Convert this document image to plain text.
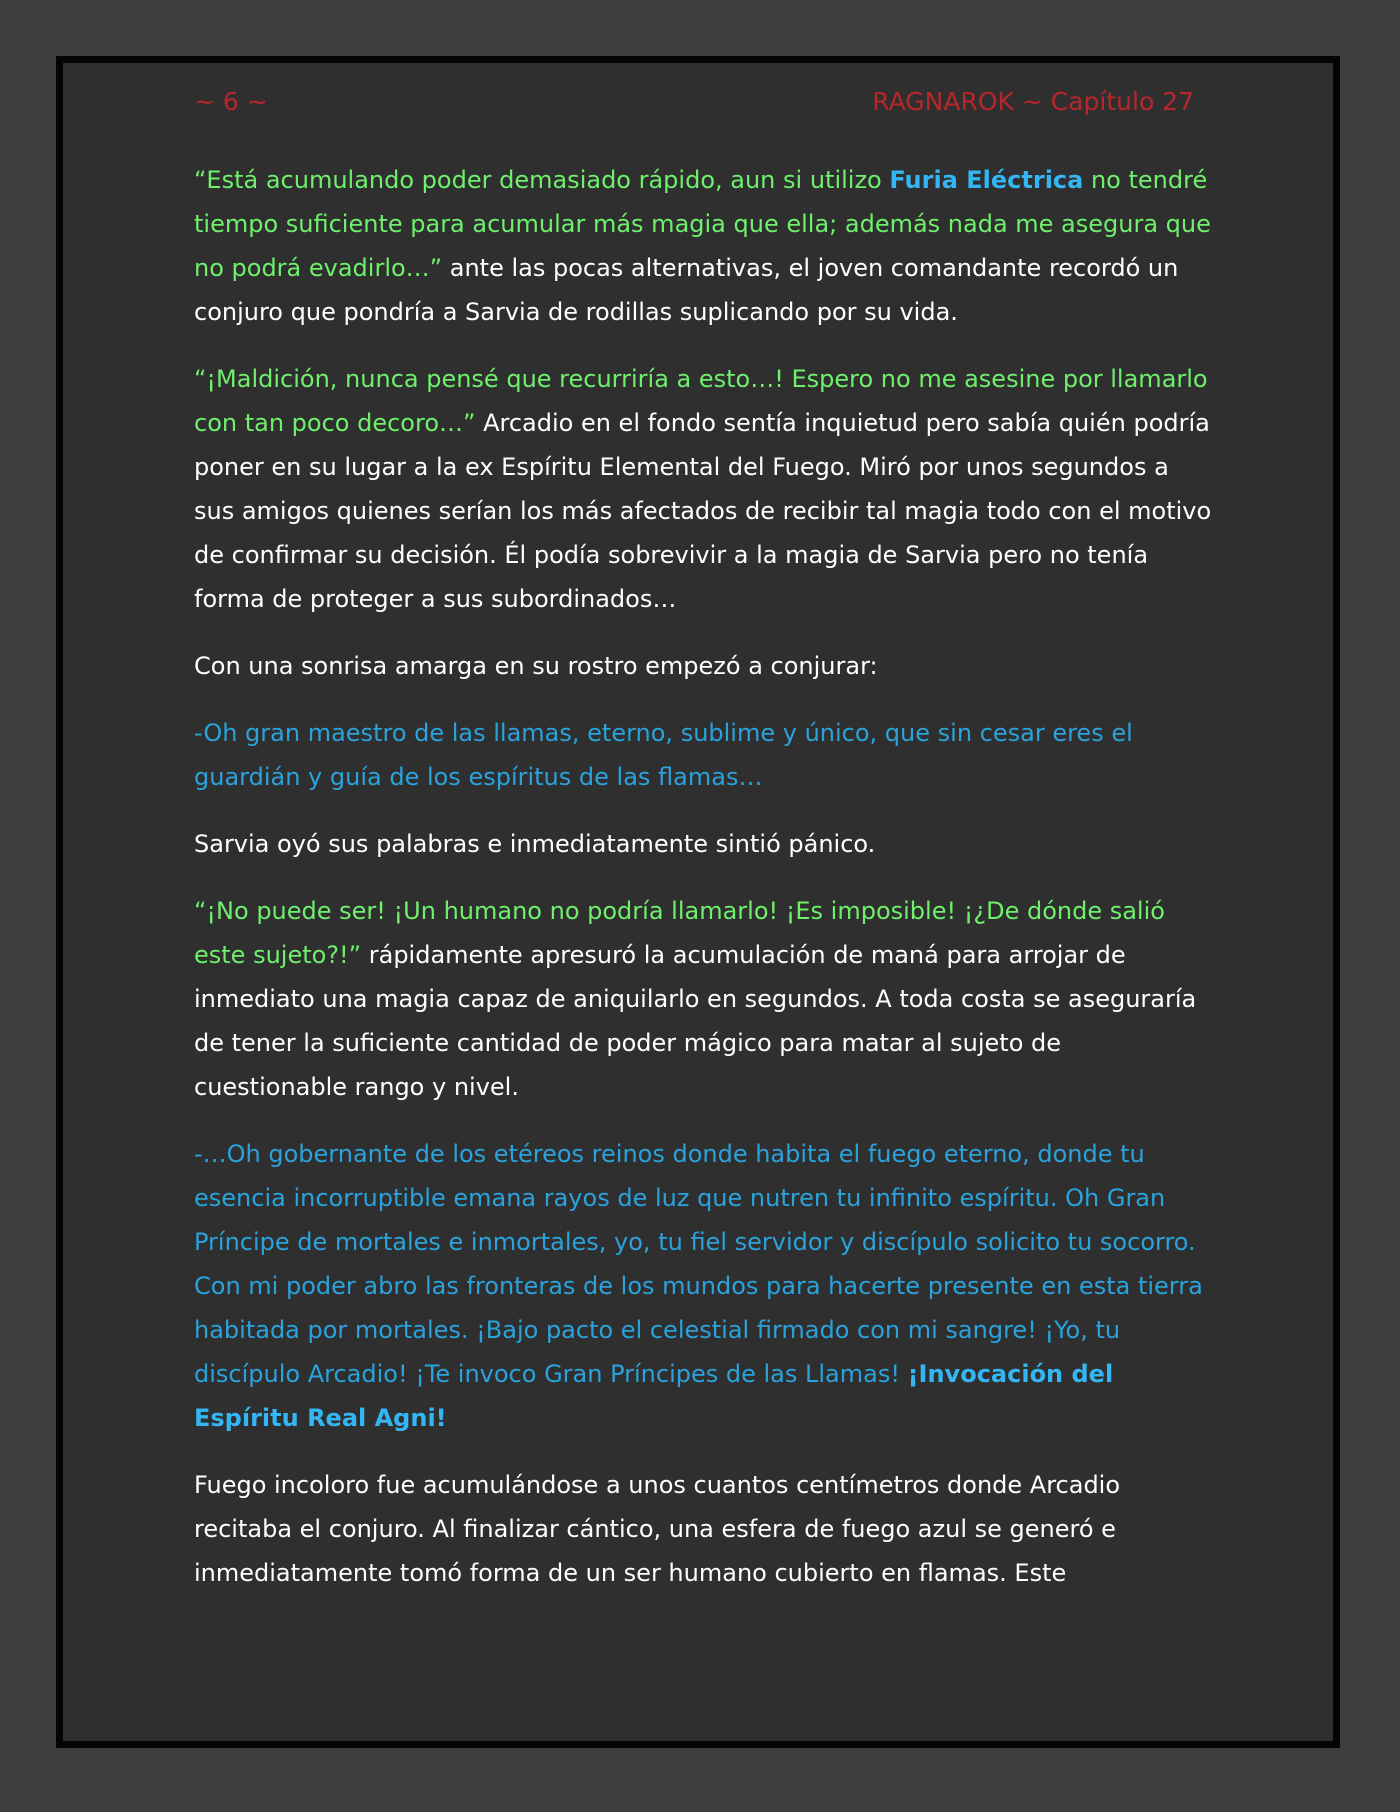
~ 6 ~	RAGNAROK ~ Capítulo 27

“Está acumulando poder demasiado rápido, aun si utilizo Furia Eléctrica no tendré tiempo suficiente para acumular más magia que ella; además nada me asegura que no podrá evadirlo…” ante las pocas alternativas, el joven comandante recordó un conjuro que pondría a Sarvia de rodillas suplicando por su vida.

“¡Maldición, nunca pensé que recurriría a esto…! Espero no me asesine por llamarlo con tan poco decoro…” Arcadio en el fondo sentía inquietud pero sabía quién podría poner en su lugar a la ex Espíritu Elemental del Fuego. Miró por unos segundos a sus amigos quienes serían los más afectados de recibir tal magia todo con el motivo de confirmar su decisión. Él podía sobrevivir a la magia de Sarvia pero no tenía forma de proteger a sus subordinados…

Con una sonrisa amarga en su rostro empezó a conjurar:

-Oh gran maestro de las llamas, eterno, sublime y único, que sin cesar eres el guardián y guía de los espíritus de las flamas…

Sarvia oyó sus palabras e inmediatamente sintió pánico.

“¡No puede ser! ¡Un humano no podría llamarlo! ¡Es imposible! ¡¿De dónde salió este sujeto?!” rápidamente apresuró la acumulación de maná para arrojar de inmediato una magia capaz de aniquilarlo en segundos. A toda costa se aseguraría de tener la suficiente cantidad de poder mágico para matar al sujeto de cuestionable rango y nivel.

-…Oh gobernante de los etéreos reinos donde habita el fuego eterno, donde tu esencia incorruptible emana rayos de luz que nutren tu infinito espíritu. Oh Gran Príncipe de mortales e inmortales, yo, tu fiel servidor y discípulo solicito tu socorro. Con mi poder abro las fronteras de los mundos para hacerte presente en esta tierra habitada por mortales. ¡Bajo pacto el celestial firmado con mi sangre! ¡Yo, tu discípulo Arcadio! ¡Te invoco Gran Príncipes de las Llamas! ¡Invocación del Espíritu Real Agni!

Fuego incoloro fue acumulándose a unos cuantos centímetros donde Arcadio recitaba el conjuro. Al finalizar cántico, una esfera de fuego azul se generó e inmediatamente tomó forma de un ser humano cubierto en flamas. Este
